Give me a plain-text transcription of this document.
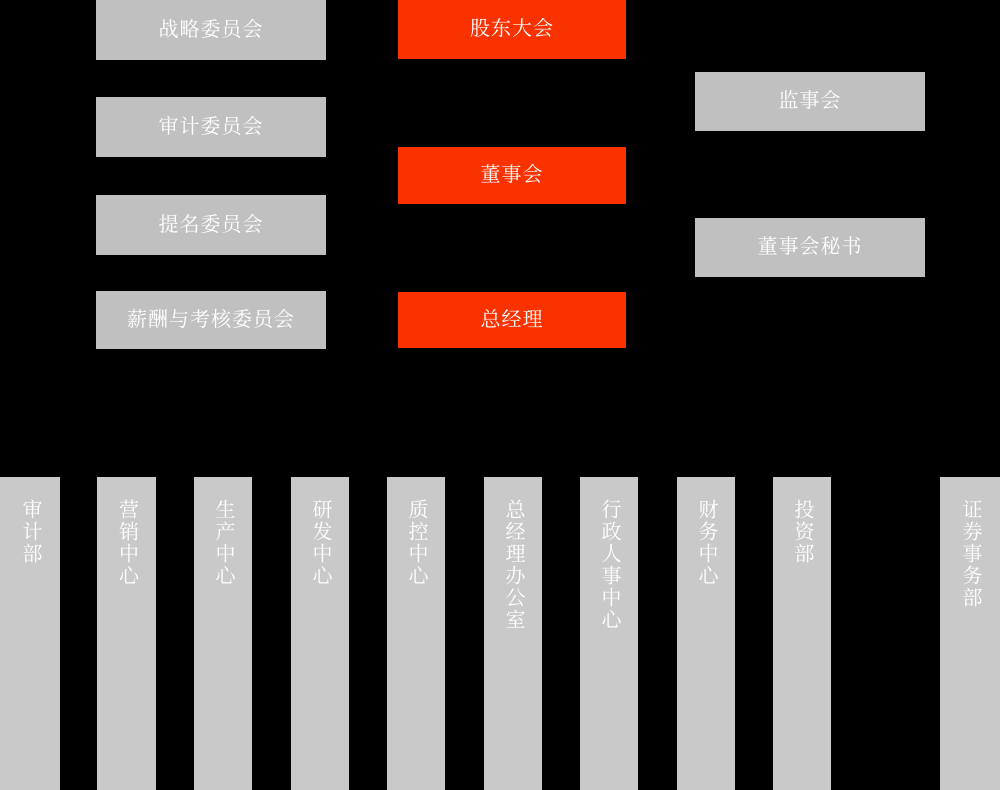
战略委员会
审计委员会
提名委员会
薪酬与考核委员会
股东大会
董事会
总经理
监事会
董事会秘书
审计部	营销中心	生产中心	研发中心	质控中心	总经理办公室	行政人事中心	财务中心	投资部	证券事务部
